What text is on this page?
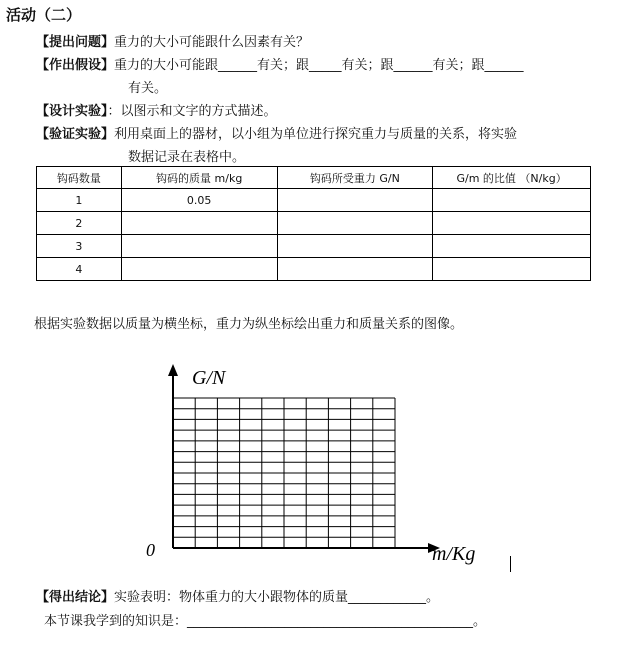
活动（二）
【提出问题】重力的大小可能跟什么因素有关？
【作出假设】重力的大小可能跟______有关；跟_____有关；跟______有关；跟______
有关。
【设计实验】：以图示和文字的方式描述。
【验证实验】利用桌面上的器材，以小组为单位进行探究重力与质量的关系，将实验
数据记录在表格中。
钩码数量	钩码的质量 m/kg	钩码所受重力 G/N	G/m 的比值 （N/kg）
1	0.05		
2			
3			
4			
根据实验数据以质量为横坐标，重力为纵坐标绘出重力和质量关系的图像。
G/N
m/Kg
0
【得出结论】实验表明：物体重力的大小跟物体的质量____________。
本节课我学到的知识是：____________________________________________。
